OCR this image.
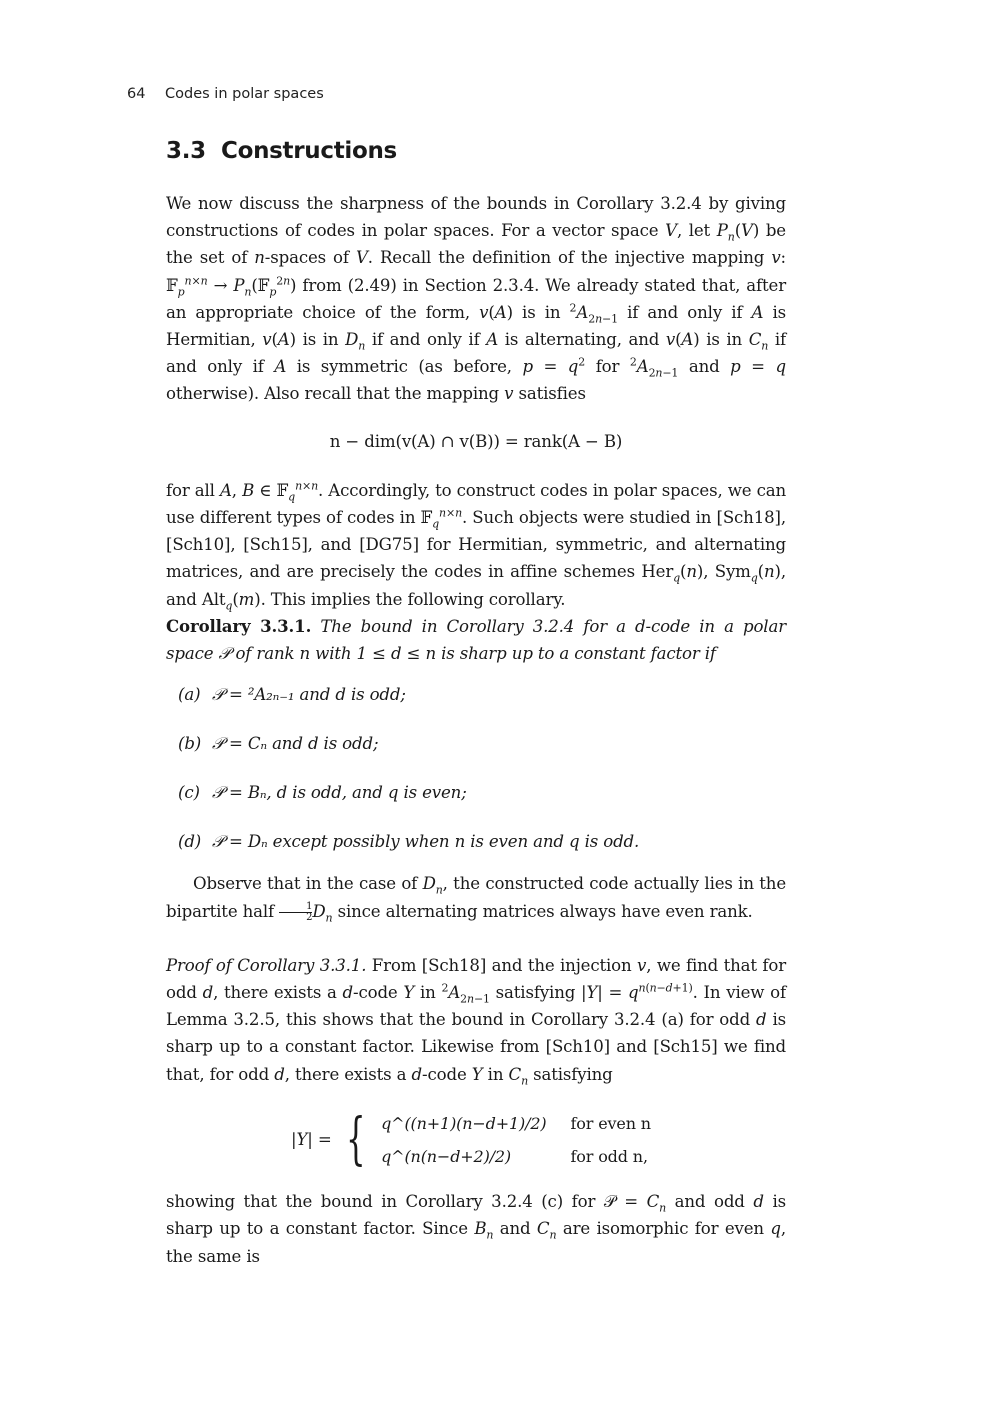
64 Codes in polar spaces
3.3 Constructions

We now discuss the sharpness of the bounds in Corollary 3.2.4 by giving constructions of codes in polar spaces. For a vector space V, let $P_n(V)$ be the set of n-spaces of V. Recall the definition of the injective mapping v: 𝔽$_p^{n\times n}$ → $P_n(𝔽_p^{2n})$ from (2.49) in Section 2.3.4. We already stated that, after an appropriate choice of the form, v(A) is in $^2A_{2n-1}$ if and only if A is Hermitian, v(A) is in $D_n$ if and only if A is alternating, and v(A) is in $C_n$ if and only if A is symmetric (as before, $p = q^2$ for $^2A_{2n-1}$ and p = q otherwise). Also recall that the mapping v satisfies

n − dim(v(A) ∩ v(B)) = rank(A − B)

for all A, B ∈ 𝔽$_q^{n\times n}$. Accordingly, to construct codes in polar spaces, we can use different types of codes in 𝔽$_q^{n\times n}$. Such objects were studied in [Sch18], [Sch10], [Sch15], and [DG75] for Hermitian, symmetric, and alternating matrices, and are precisely the codes in affine schemes Her$_q$(n), Sym$_q$(n), and Alt$_q$(m). This implies the following corollary.

Corollary 3.3.1. The bound in Corollary 3.2.4 for a d-code in a polar space 𝒫 of rank n with 1 ≤ d ≤ n is sharp up to a constant factor if

(a) 𝒫 = ²A₂ₙ₋₁ and d is odd;
(b) 𝒫 = Cₙ and d is odd;
(c) 𝒫 = Bₙ, d is odd, and q is even;
(d) 𝒫 = Dₙ except possibly when n is even and q is odd.

Observe that in the case of $D_n$, the constructed code actually lies in the bipartite half $\frac{1}{2} D_n$ since alternating matrices always have even rank.

Proof of Corollary 3.3.1. From [Sch18] and the injection v, we find that for odd d, there exists a d-code Y in $^2A_{2n-1}$ satisfying $|Y| = q^{n(n-d+1)}$. In view of Lemma 3.2.5, this shows that the bound in Corollary 3.2.4 (a) for odd d is sharp up to a constant factor. Likewise from [Sch10] and [Sch15] we find that, for odd d, there exists a d-code Y in $C_n$ satisfying

|Y| = { q^((n+1)(n−d+1)/2)	for even n
q^(n(n−d+2)/2)	for odd n,

showing that the bound in Corollary 3.2.4 (c) for 𝒫 = $C_n$ and odd d is sharp up to a constant factor. Since $B_n$ and $C_n$ are isomorphic for even q, the same is
